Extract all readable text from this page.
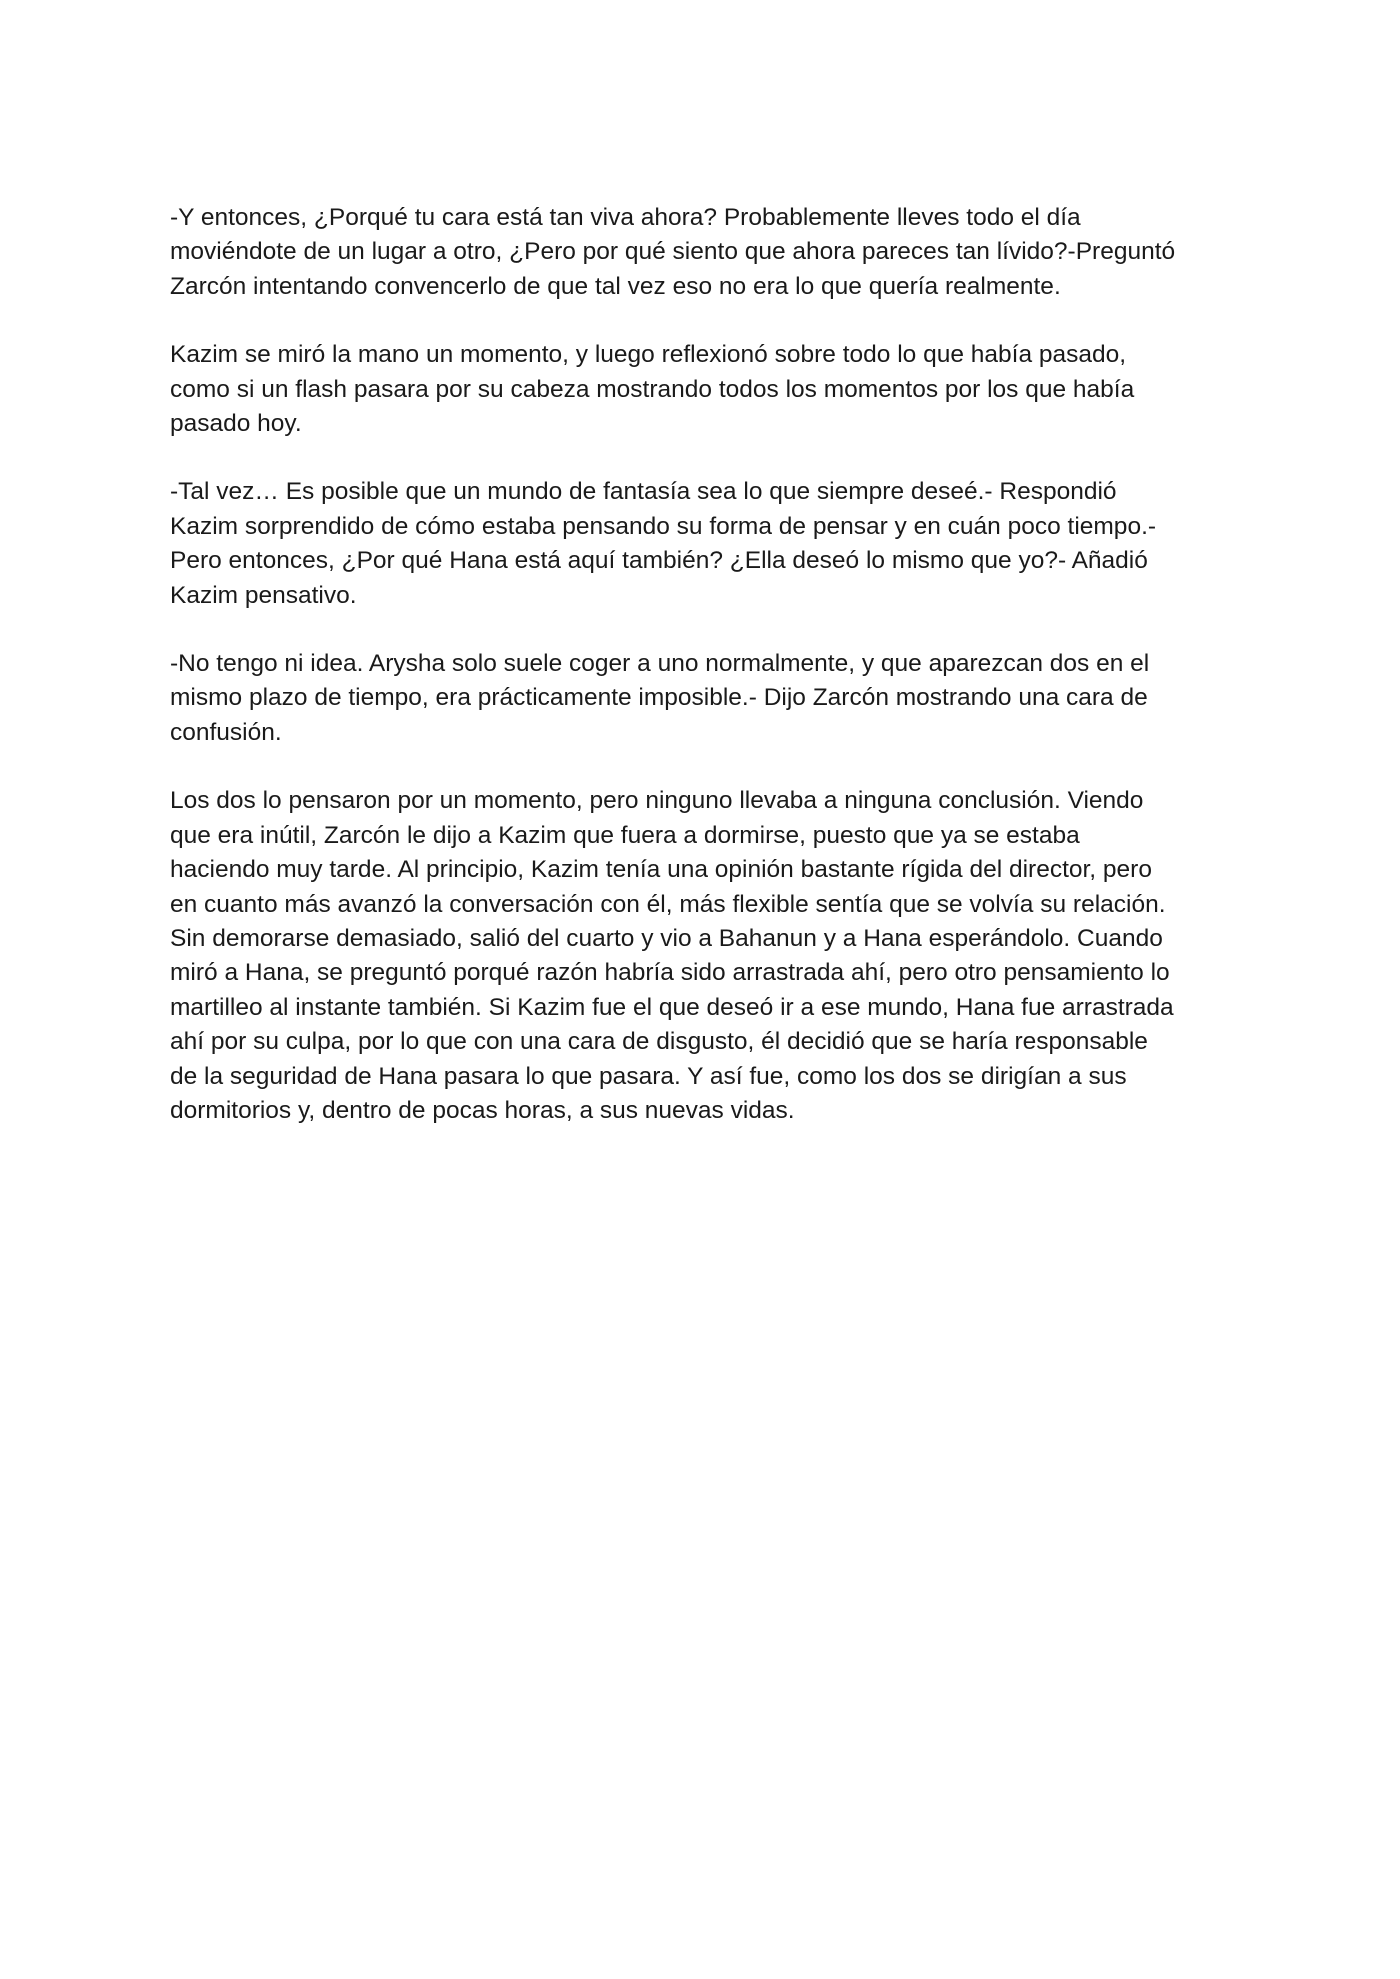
-Y entonces, ¿Porqué tu cara está tan viva ahora? Probablemente lleves todo el día
moviéndote de un lugar a otro, ¿Pero por qué siento que ahora pareces tan lívido?-Preguntó
Zarcón intentando convencerlo de que tal vez eso no era lo que quería realmente.

Kazim se miró la mano un momento, y luego reflexionó sobre todo lo que había pasado,
como si un flash pasara por su cabeza mostrando todos los momentos por los que había
pasado hoy.

-Tal vez… Es posible que un mundo de fantasía sea lo que siempre deseé.- Respondió
Kazim sorprendido de cómo estaba pensando su forma de pensar y en cuán poco tiempo.-
Pero entonces, ¿Por qué Hana está aquí también? ¿Ella deseó lo mismo que yo?- Añadió
Kazim pensativo.

-No tengo ni idea. Arysha solo suele coger a uno normalmente, y que aparezcan dos en el
mismo plazo de tiempo, era prácticamente imposible.- Dijo Zarcón mostrando una cara de
confusión.

Los dos lo pensaron por un momento, pero ninguno llevaba a ninguna conclusión. Viendo
que era inútil, Zarcón le dijo a Kazim que fuera a dormirse, puesto que ya se estaba
haciendo muy tarde. Al principio, Kazim tenía una opinión bastante rígida del director, pero
en cuanto más avanzó la conversación con él, más flexible sentía que se volvía su relación.
Sin demorarse demasiado, salió del cuarto y vio a Bahanun y a Hana esperándolo. Cuando
miró a Hana, se preguntó porqué razón habría sido arrastrada ahí, pero otro pensamiento lo
martilleo al instante también. Si Kazim fue el que deseó ir a ese mundo, Hana fue arrastrada
ahí por su culpa, por lo que con una cara de disgusto, él decidió que se haría responsable
de la seguridad de Hana pasara lo que pasara. Y así fue, como los dos se dirigían a sus
dormitorios y, dentro de pocas horas, a sus nuevas vidas.
